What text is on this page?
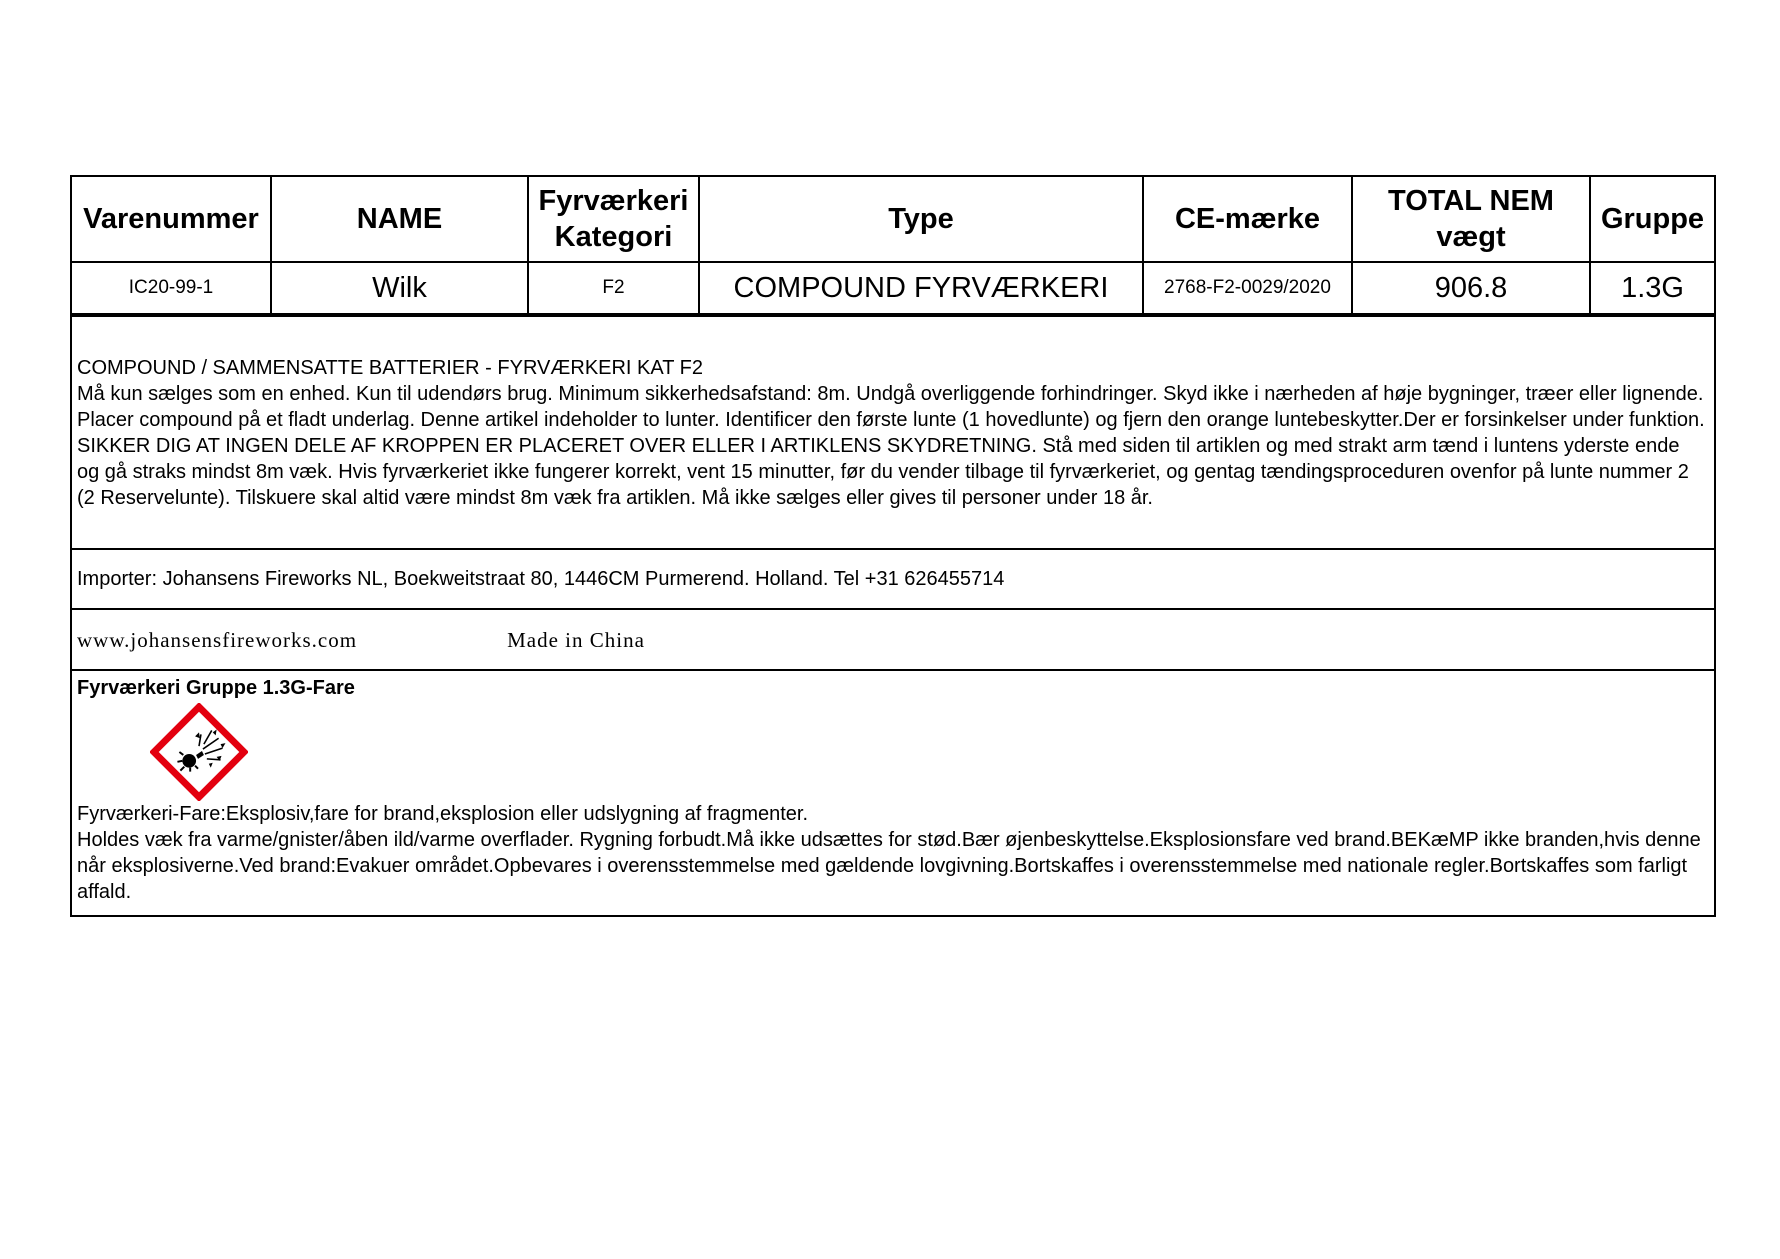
Varenummer	NAME	Fyrværkeri Kategori	Type	CE-mærke	TOTAL NEM vægt	Gruppe
IC20-99-1	Wilk	F2	COMPOUND FYRVÆRKERI	2768-F2-0029/2020	906.8	1.3G

COMPOUND / SAMMENSATTE BATTERIER - FYRVÆRKERI KAT F2

Må kun sælges som en enhed. Kun til udendørs brug. Minimum sikkerhedsafstand: 8m. Undgå overliggende forhindringer. Skyd ikke i nærheden af høje bygninger, træer eller lignende. Placer compound på et fladt underlag. Denne artikel indeholder to lunter. Identificer den første lunte (1 hovedlunte) og fjern den orange luntebeskytter.Der er forsinkelser under funktion. SIKKER DIG AT INGEN DELE AF KROPPEN ER PLACERET OVER ELLER I ARTIKLENS SKYDRETNING. Stå med siden til artiklen og med strakt arm tænd i luntens yderste ende og gå straks mindst 8m væk. Hvis fyrværkeriet ikke fungerer korrekt, vent 15 minutter, før du vender tilbage til fyrværkeriet, og gentag tændingsproceduren ovenfor på lunte nummer 2 (2 Reservelunte). Tilskuere skal altid være mindst 8m væk fra artiklen. Må ikke sælges eller gives til personer under 18 år.

Importer: Johansens Fireworks NL, Boekweitstraat 80, 1446CM Purmerend. Holland. Tel +31 626455714
www.johansensfireworks.com	Made in China

Fyrværkeri Gruppe 1.3G-Fare

Fyrværkeri-Fare:Eksplosiv,fare for brand,eksplosion eller udslygning af fragmenter.

Holdes væk fra varme/gnister/åben ild/varme overflader. Rygning forbudt.Må ikke udsættes for stød.Bær øjenbeskyttelse.Eksplosionsfare ved brand.BEKæMP ikke branden,hvis denne når eksplosiverne.Ved brand:Evakuer området.Opbevares i overensstemmelse med gældende lovgivning.Bortskaffes i overensstemmelse med nationale regler.Bortskaffes som farligt affald.
